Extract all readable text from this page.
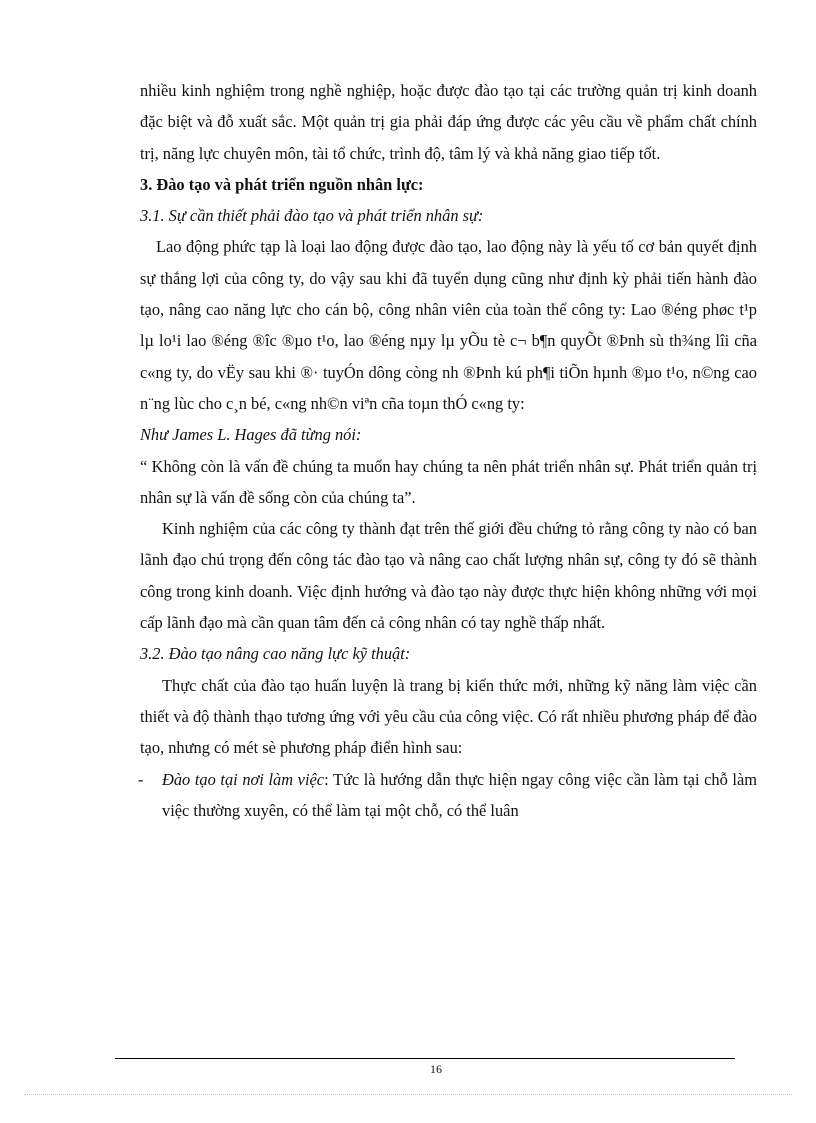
nhiều kinh nghiệm trong nghề nghiệp, hoặc được đào tạo tại các trường quản trị kinh doanh đặc biệt và đỗ xuất sắc. Một quản trị gia phải đáp ứng được các yêu cầu về phẩm chất chính trị, năng lực chuyên môn, tài tổ chức, trình độ, tâm lý và khả năng giao tiếp tốt.

3. Đào tạo và phát triển nguồn nhân lực:

3.1. Sự cần thiết phải đào tạo và phát triển nhân sự:

Lao động phức tạp là loại lao động được đào tạo, lao động này là yếu tố cơ bản quyết định sự thắng lợi của công ty, do vậy sau khi đã tuyển dụng cũng như định kỳ phải tiến hành đào tạo, nâng cao năng lực cho cán bộ, công nhân viên của toàn thể công ty: Lao ®éng phøc t¹p lµ lo¹i lao ®éng ®îc ®µo t¹o, lao ®éng nµy lµ yÕu tè c¬ b¶n quyÕt ®Þnh sù th¾ng lîi cña c«ng ty, do vËy sau khi ®· tuyÓn dông còng nh ®Þnh kú ph¶i tiÕn hµnh ®µo t¹o, n©ng cao n¨ng lùc cho c¸n bé, c«ng nh©n viªn cña toµn thÓ c«ng ty:

Như James L. Hages đã từng nói:

“ Không còn là vấn đề chúng ta muốn hay chúng ta nên phát triển nhân sự. Phát triển quản trị nhân sự là vấn đề sống còn của chúng ta”.

Kinh nghiệm của các công ty thành đạt trên thế giới đều chứng tỏ rằng công ty nào có ban lãnh đạo chú trọng đến công tác đào tạo và nâng cao chất lượng nhân sự, công ty đó sẽ thành công trong kinh doanh. Việc định hướng và đào tạo này được thực hiện không những với mọi cấp lãnh đạo mà cần quan tâm đến cả công nhân có tay nghề thấp nhất.

3.2. Đào tạo nâng cao năng lực kỹ thuật:

Thực chất của đào tạo huấn luyện là trang bị kiến thức mới, những kỹ năng làm việc cần thiết và độ thành thạo tương ứng với yêu cầu của công việc. Có rất nhiều phương pháp để đào tạo, nhưng có mét sè phương pháp điển hình sau:

- Đào tạo tại nơi làm việc: Tức là hướng dẫn thực hiện ngay công việc cần làm tại chỗ làm việc thường xuyên, có thể làm tại một chỗ, có thể luân

16
